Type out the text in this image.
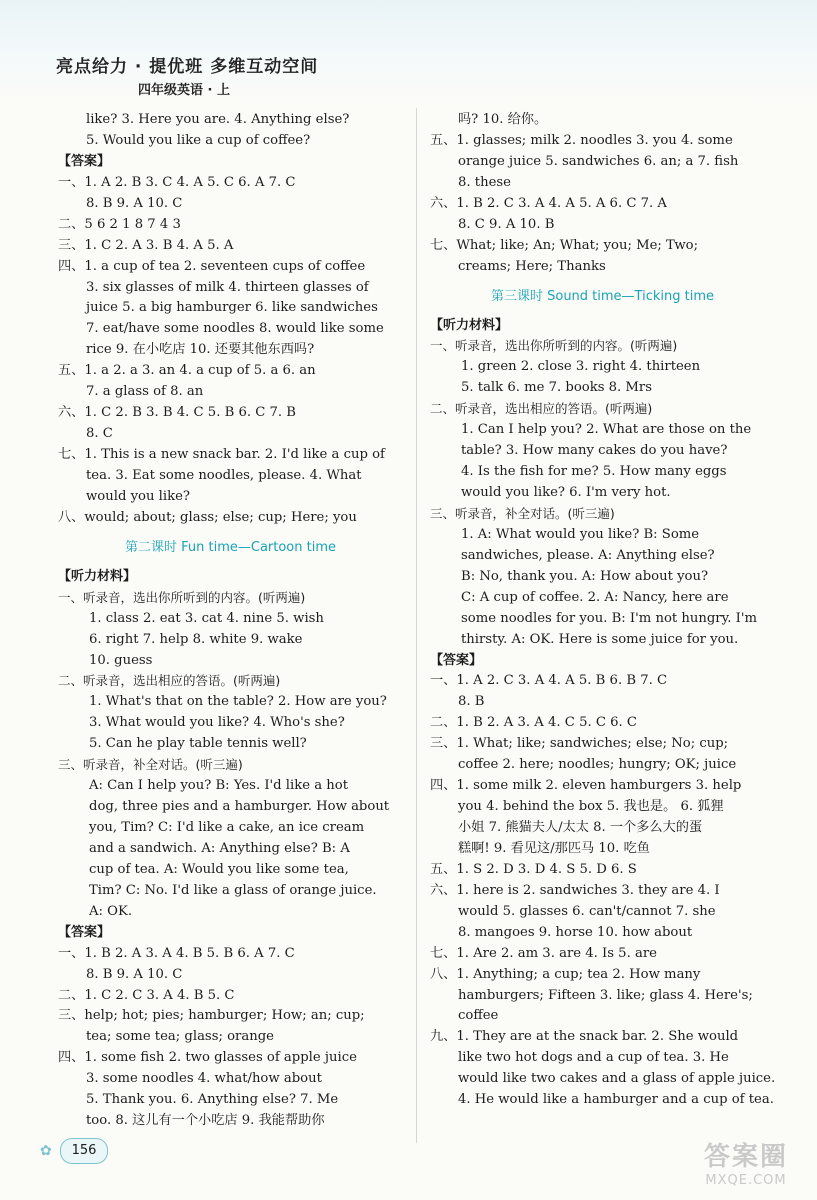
亮点给力 · 提优班 多维互动空间
四年级英语 · 上
like? 3. Here you are. 4. Anything else?
5. Would you like a cup of coffee?
【答案】
一、1. A 2. B 3. C 4. A 5. C 6. A 7. C
8. B 9. A 10. C
二、5 6 2 1 8 7 4 3
三、1. C 2. A 3. B 4. A 5. A
四、1. a cup of tea 2. seventeen cups of coffee
3. six glasses of milk 4. thirteen glasses of
juice 5. a big hamburger 6. like sandwiches
7. eat/have some noodles 8. would like some
rice 9. 在小吃店 10. 还要其他东西吗?
五、1. a 2. a 3. an 4. a cup of 5. a 6. an
7. a glass of 8. an
六、1. C 2. B 3. B 4. C 5. B 6. C 7. B
8. C
七、1. This is a new snack bar. 2. I'd like a cup of
tea. 3. Eat some noodles, please. 4. What
would you like?
八、would; about; glass; else; cup; Here; you
第二课时 Fun time—Cartoon time
【听力材料】
一、听录音，选出你所听到的内容。(听两遍)
1. class 2. eat 3. cat 4. nine 5. wish
6. right 7. help 8. white 9. wake
10. guess
二、听录音，选出相应的答语。(听两遍)
1. What's that on the table? 2. How are you?
3. What would you like? 4. Who's she?
5. Can he play table tennis well?
三、听录音，补全对话。(听三遍)
A: Can I help you? B: Yes. I'd like a hot
dog, three pies and a hamburger. How about
you, Tim? C: I'd like a cake, an ice cream
and a sandwich. A: Anything else? B: A
cup of tea. A: Would you like some tea,
Tim? C: No. I'd like a glass of orange juice.
A: OK.
【答案】
一、1. B 2. A 3. A 4. B 5. B 6. A 7. C
8. B 9. A 10. C
二、1. C 2. C 3. A 4. B 5. C
三、help; hot; pies; hamburger; How; an; cup;
tea; some tea; glass; orange
四、1. some fish 2. two glasses of apple juice
3. some noodles 4. what/how about
5. Thank you. 6. Anything else? 7. Me
too. 8. 这儿有一个小吃店 9. 我能帮助你
吗? 10. 给你。
五、1. glasses; milk 2. noodles 3. you 4. some
orange juice 5. sandwiches 6. an; a 7. fish
8. these
六、1. B 2. C 3. A 4. A 5. A 6. C 7. A
8. C 9. A 10. B
七、What; like; An; What; you; Me; Two;
creams; Here; Thanks
第三课时 Sound time—Ticking time
【听力材料】
一、听录音，选出你所听到的内容。(听两遍)
1. green 2. close 3. right 4. thirteen
5. talk 6. me 7. books 8. Mrs
二、听录音，选出相应的答语。(听两遍)
1. Can I help you? 2. What are those on the
table? 3. How many cakes do you have?
4. Is the fish for me? 5. How many eggs
would you like? 6. I'm very hot.
三、听录音，补全对话。(听三遍)
1. A: What would you like? B: Some
sandwiches, please. A: Anything else?
B: No, thank you. A: How about you?
C: A cup of coffee. 2. A: Nancy, here are
some noodles for you. B: I'm not hungry. I'm
thirsty. A: OK. Here is some juice for you.
【答案】
一、1. A 2. C 3. A 4. A 5. B 6. B 7. C
8. B
二、1. B 2. A 3. A 4. C 5. C 6. C
三、1. What; like; sandwiches; else; No; cup;
coffee 2. here; noodles; hungry; OK; juice
四、1. some milk 2. eleven hamburgers 3. help
you 4. behind the box 5. 我也是。 6. 狐狸
小姐 7. 熊猫夫人/太太 8. 一个多么大的蛋
糕啊! 9. 看见这/那匹马 10. 吃鱼
五、1. S 2. D 3. D 4. S 5. D 6. S
六、1. here is 2. sandwiches 3. they are 4. I
would 5. glasses 6. can't/cannot 7. she
8. mangoes 9. horse 10. how about
七、1. Are 2. am 3. are 4. Is 5. are
八、1. Anything; a cup; tea 2. How many
hamburgers; Fifteen 3. like; glass 4. Here's;
coffee
九、1. They are at the snack bar. 2. She would
like two hot dogs and a cup of tea. 3. He
would like two cakes and a glass of apple juice.
4. He would like a hamburger and a cup of tea.
✿	156	答案圈
MXQE.COM
